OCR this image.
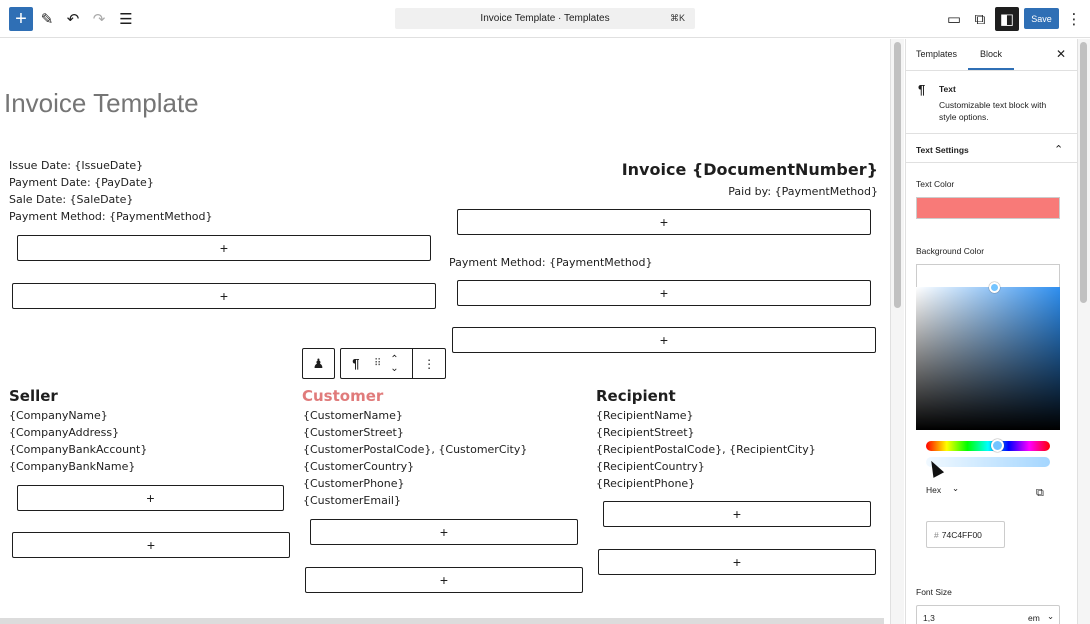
+ ✎ ↶ ↷ ☰	Invoice Template · Templates	⌘K	▭ ⧉ ◧	Save ⋮
Invoice Template
Issue Date: {IssueDate}
Payment Date: {PayDate}
Sale Date: {SaleDate}
Payment Method: {PaymentMethod}
Invoice {DocumentNumber}
Paid by: {PaymentMethod}
+
+
+
Payment Method: {PaymentMethod}
+
+
♟	¶	⠿ ⌃
⌄	⋮
Seller
{CompanyName}
{CompanyAddress}
{CompanyBankAccount}
{CompanyBankName}
+
+
Customer
{CustomerName}
{CustomerStreet}
{CustomerPostalCode}, {CustomerCity}
{CustomerCountry}
{CustomerPhone}
{CustomerEmail}
+
+
Recipient
{RecipientName}
{RecipientStreet}
{RecipientPostalCode}, {RecipientCity}
{RecipientCountry}
{RecipientPhone}
+
+
Templates	Block	✕
¶ Text
Customizable text block with
style options.
Text Settings	⌃
Text Color
Background Color
Hex ⌄	⧉
# 74C4FF00
Font Size
1,3	em ⌄
